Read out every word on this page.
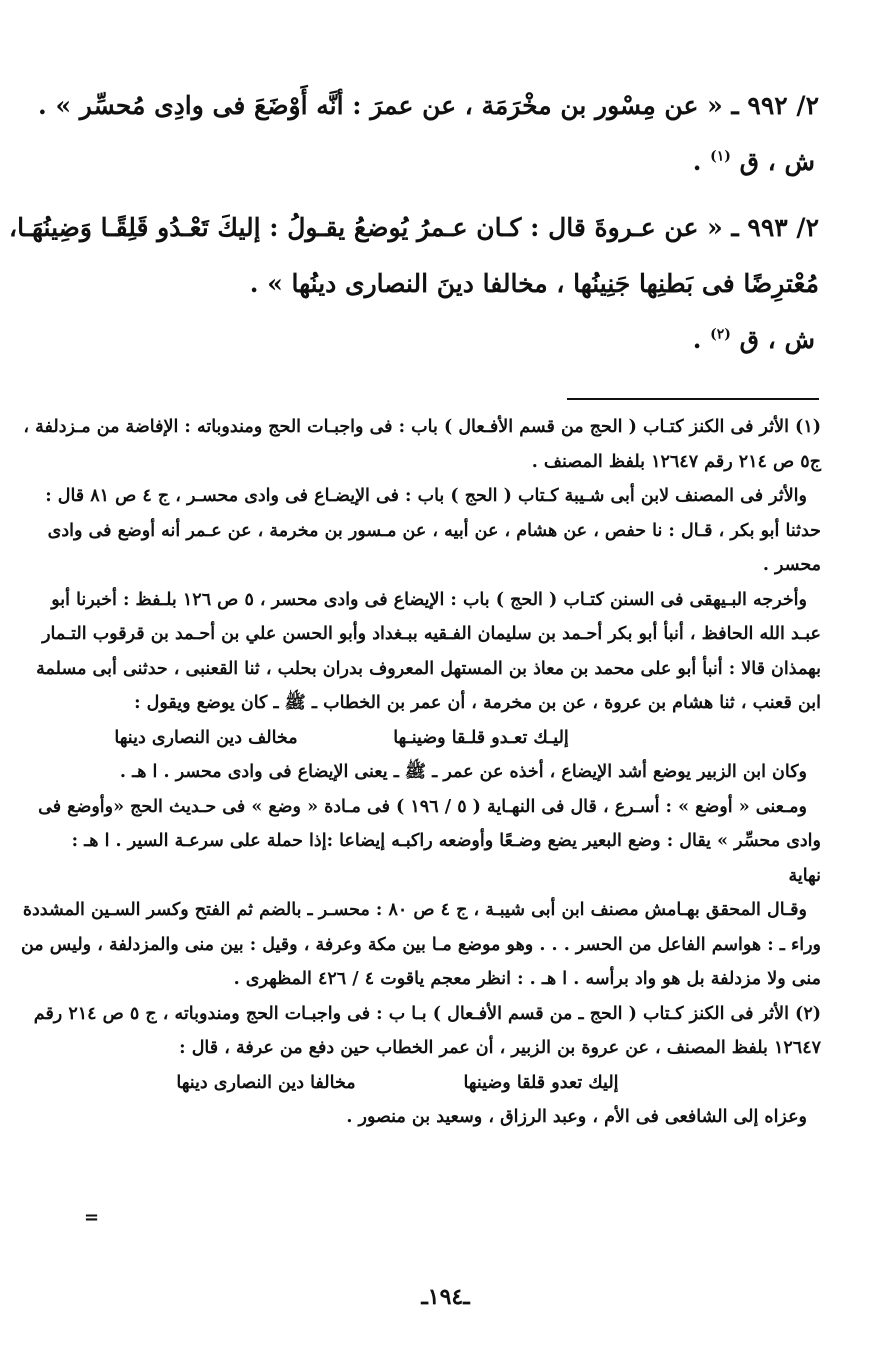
٢/ ٩٩٢ ـ « عن مِسْور بن مخْرَمَة ، عن عمرَ : أنَّه أَوْضَعَ فى وادِى مُحسِّر » .
ش ، ق $^{(١)}$ .
٢/ ٩٩٣ ـ « عن عـروةَ قال : كـان عـمرُ يُوضعُ يقـولُ : إليكَ تَعْـدُو قَلِقًـا وَضِينُهَـا،
مُعْترِضًا فى بَطنِها جَنِينُها ، مخالفا دينَ النصارى دينُها » .
ش ، ق $^{(٢)}$ .
(١) الأثر فى الكنز كتـاب ( الحج من قسم الأفـعال ) باب : فى واجبـات الحج ومندوباته : الإفاضة من مـزدلفة ،
ج٥ ص ٢١٤ رقم ١٢٦٤٧ بلفظ المصنف .
والأثر فى المصنف لابن أبى شـيبة كـتاب ( الحج ) باب : فى الإيضـاع فى وادى محسـر ، ج ٤ ص ٨١ قال :
حدثنا أبو بكر ، قـال : نا حفص ، عن هشام ، عن أبيه ، عن مـسور بن مخرمة ، عن عـمر أنه أوضع فى وادى
محسر .
وأخرجه البـيهقى فى السنن كتـاب ( الحج ) باب : الإيضاع فى وادى محسر ، ٥ ص ١٢٦ بلـفظ : أخبرنا أبو
عبـد الله الحافظ ، أنبأ أبو بكر أحـمد بن سليمان الفـقيه ببـغداد وأبو الحسن علي بن أحـمد بن قرقوب التـمار
بهمذان قالا : أنبأ أبو على محمد بن معاذ بن المستهل المعروف بدران بحلب ، ثنا القعنبى ، حدثنى أبى مسلمة
ابن قعنب ، ثنا هشام بن عروة ، عن بن مخرمة ، أن عمر بن الخطاب ـ ﷺ ـ كان يوضع ويقول :
إليـك تعـدو قلـقا وضينـها
مخالف دين النصارى دينها
وكان ابن الزبير يوضع أشد الإيضاع ، أخذه عن عمر ـ ﷺ ـ يعنى الإيضاع فى وادى محسر . ا هـ .
ومـعنى « أوضع » : أسـرع ، قال فى النهـاية ( ٥ / ١٩٦ ) فى مـادة « وضع » فى حـديث الحج «وأوضع فى
وادى محسِّر » يقال : وضع البعير يضع وضـعًا وأوضعه راكبـه إيضاعا :إذا حملة على سرعـة السير . ا هـ :
نهاية
وقـال المحقق بهـامش مصنف ابن أبى شيبـة ، ج ٤ ص ٨٠ : محسـر ـ بالضم ثم الفتح وكسر السـين المشددة
وراء ـ : هواسم الفاعل من الحسر . . . وهو موضع مـا بين مكة وعرفة ، وقيل : بين منى والمزدلفة ، وليس من
منى ولا مزدلفة بل هو واد برأسه . ا هـ . : انظر معجم ياقوت ٤ / ٤٢٦ المظهرى .
(٢) الأثر فى الكنز كـتاب ( الحج ـ من قسم الأفـعال ) بـا ب : فى واجبـات الحج ومندوباته ، ج ٥ ص ٢١٤ رقم
١٢٦٤٧ بلفظ المصنف ، عن عروة بن الزبير ، أن عمر الخطاب حين دفع من عرفة ، قال :
إليك تعدو قلقا وضينها
مخالفا دين النصارى دينها
وعزاه إلى الشافعى فى الأم ، وعبد الرزاق ، وسعيد بن منصور .
=
ـ١٩٤ـ
